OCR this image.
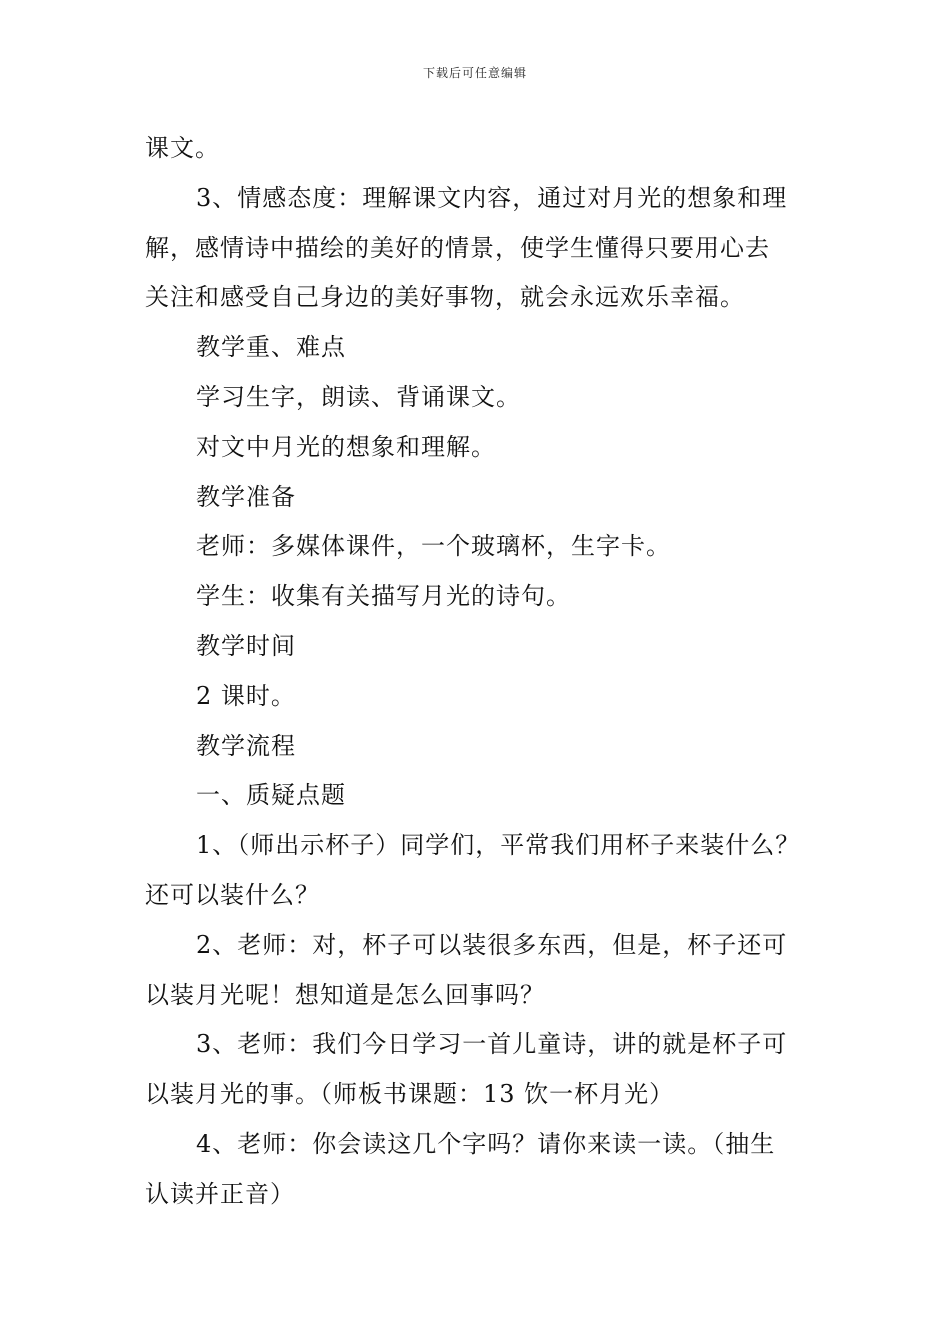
下载后可任意编辑
课文。
3、情感态度：理解课文内容，通过对月光的想象和理
解，感情诗中描绘的美好的情景，使学生懂得只要用心去
关注和感受自己身边的美好事物，就会永远欢乐幸福。
教学重、难点
学习生字，朗读、背诵课文。
对文中月光的想象和理解。
教学准备
老师：多媒体课件，一个玻璃杯，生字卡。
学生：收集有关描写月光的诗句。
教学时间
2 课时。
教学流程
一、质疑点题
1、（师出示杯子）同学们，平常我们用杯子来装什么？
还可以装什么？
2、老师：对，杯子可以装很多东西，但是，杯子还可
以装月光呢！想知道是怎么回事吗？
3、老师：我们今日学习一首儿童诗，讲的就是杯子可
以装月光的事。（师板书课题：13 饮一杯月光）
4、老师：你会读这几个字吗？请你来读一读。（抽生
认读并正音）
